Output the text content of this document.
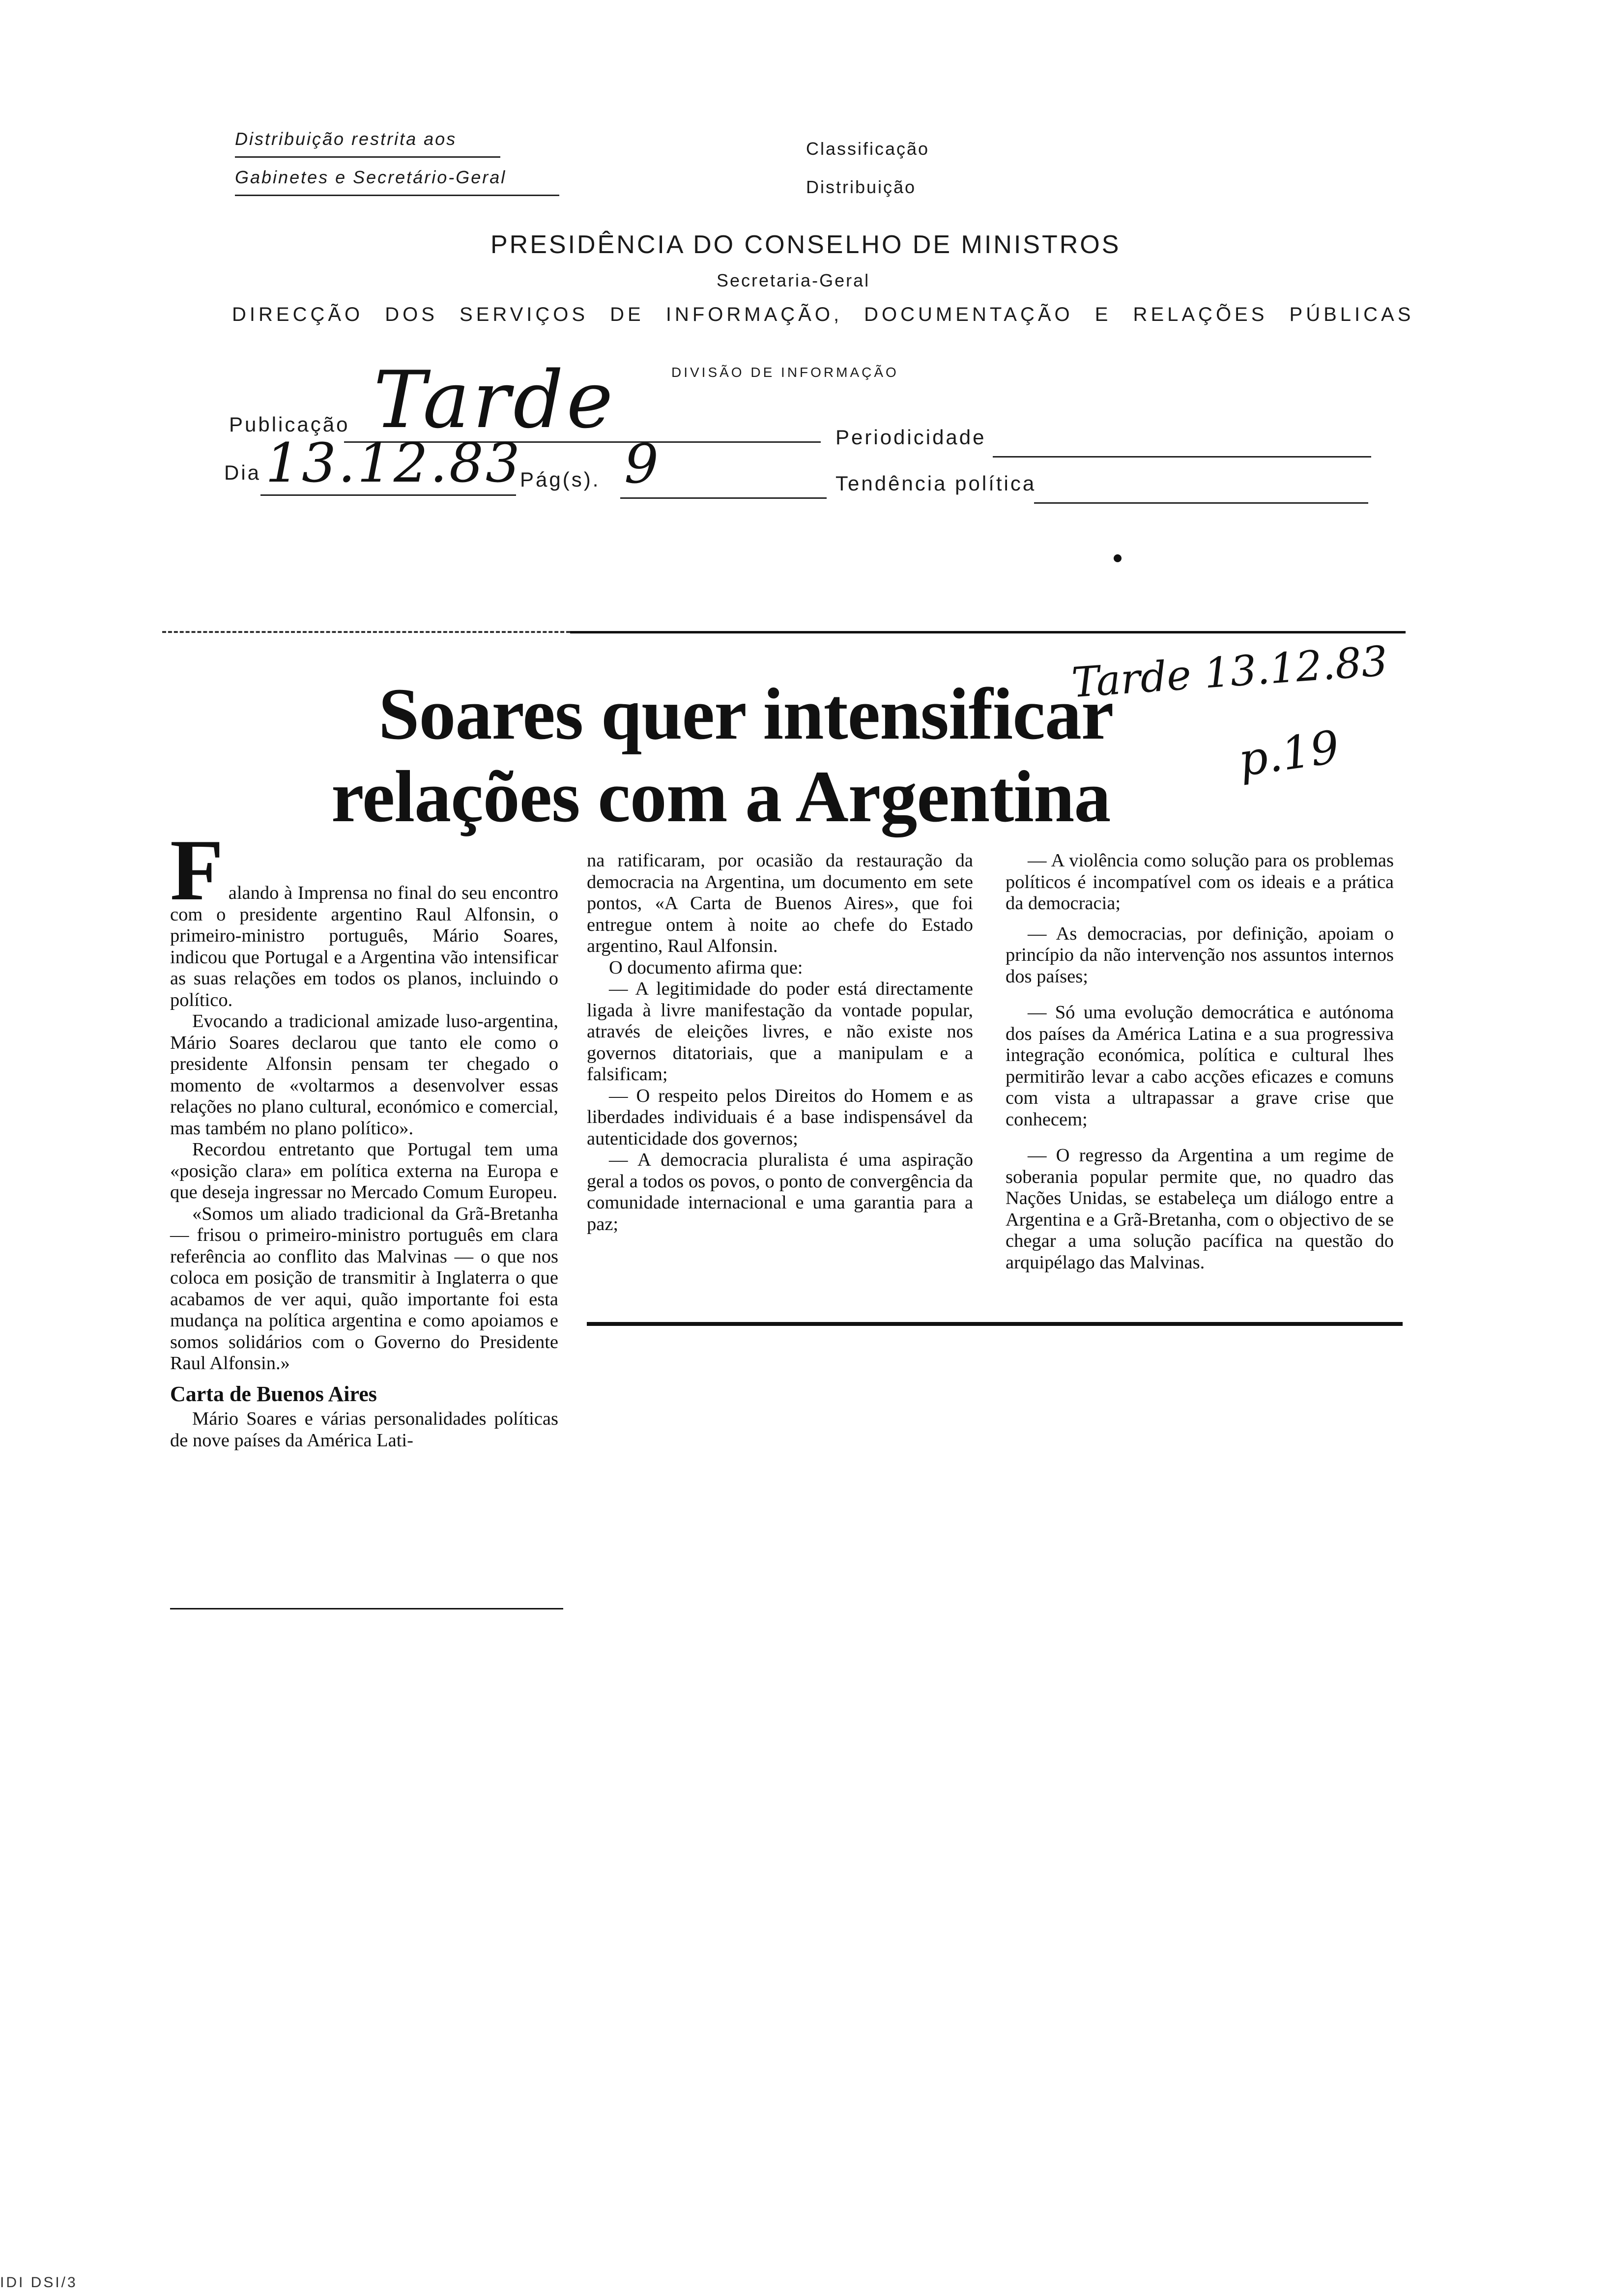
Distribuição restrita aos
Gabinetes e Secretário-Geral
Classificação
Distribuição
PRESIDÊNCIA DO CONSELHO DE MINISTROS
Secretaria-Geral
DIRECÇÃO DOS SERVIÇOS DE INFORMAÇÃO, DOCUMENTAÇÃO E RELAÇÕES PÚBLICAS
DIVISÃO DE INFORMAÇÃO
Publicação Tarde	Periodicidade
Dia 13.12.83
Pág(s). 9	Tendência política
Tarde 13.12.83
p.19
Soares quer intensificar
relações com a Argentina
F alando à Imprensa no final do seu encontro com o presidente argentino Raul Alfonsin, o primeiro-ministro português, Mário Soares, indicou que Portugal e a Argentina vão intensificar as suas relações em todos os planos, incluindo o político.

Evocando a tradicional amizade luso-argentina, Mário Soares declarou que tanto ele como o presidente Alfonsin pensam ter chegado o momento de «voltarmos a desenvolver essas relações no plano cultural, económico e comercial, mas também no plano político».

Recordou entretanto que Portugal tem uma «posição clara» em política externa na Europa e que deseja ingressar no Mercado Comum Europeu.

«Somos um aliado tradicional da Grã-Bretanha — frisou o primeiro-ministro português em clara referência ao conflito das Malvinas — o que nos coloca em posição de transmitir à Inglaterra o que acabamos de ver aqui, quão importante foi esta mudança na política argentina e como apoiamos e somos solidários com o Governo do Presidente Raul Alfonsin.»

Carta de Buenos Aires

Mário Soares e várias personalidades políticas de nove países da América Lati-

na ratificaram, por ocasião da restauração da democracia na Argentina, um documento em sete pontos, «A Carta de Buenos Aires», que foi entregue ontem à noite ao chefe do Estado argentino, Raul Alfonsin.

O documento afirma que:

— A legitimidade do poder está directamente ligada à livre manifestação da vontade popular, através de eleições livres, e não existe nos governos ditatoriais, que a manipulam e a falsificam;

— O respeito pelos Direitos do Homem e as liberdades individuais é a base indispensável da autenticidade dos governos;

— A democracia pluralista é uma aspiração geral a todos os povos, o ponto de convergência da comunidade internacional e uma garantia para a paz;

— A violência como solução para os problemas políticos é incompatível com os ideais e a prática da democracia;

— As democracias, por definição, apoiam o princípio da não intervenção nos assuntos internos dos países;

— Só uma evolução democrática e autónoma dos países da América Latina e a sua progressiva integração económica, política e cultural lhes permitirão levar a cabo acções eficazes e comuns com vista a ultrapassar a grave crise que conhecem;

— O regresso da Argentina a um regime de soberania popular permite que, no quadro das Nações Unidas, se estabeleça um diálogo entre a Argentina e a Grã-Bretanha, com o objectivo de se chegar a uma solução pacífica na questão do arquipélago das Malvinas.

IDI DSI/3
